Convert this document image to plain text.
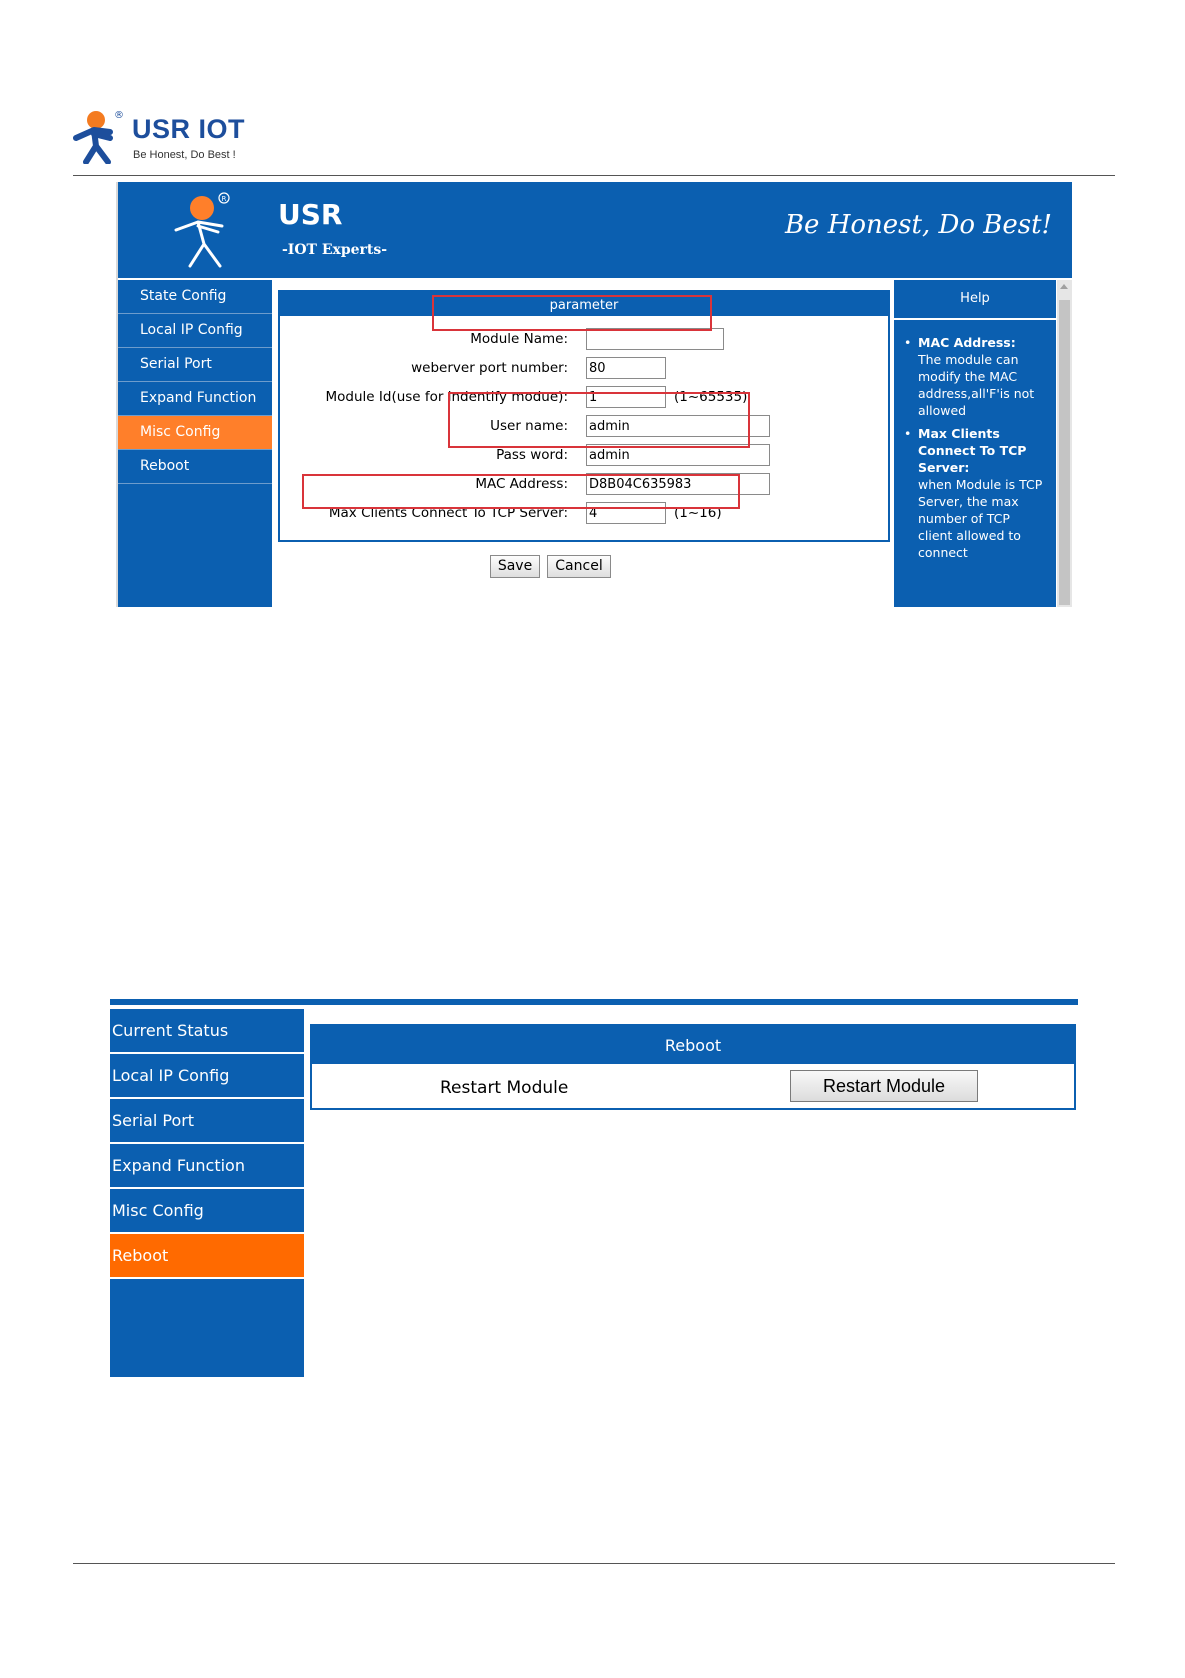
® USR IOT
Be Honest, Do Best !
R USR
-IOT Experts-
Be Honest, Do Best!
State Config
Local IP Config
Serial Port
Expand Function
Misc Config
Reboot
parameter
Module Name:
weberver port number: 80
Module Id(use for indentify modue): 1	(1~65535)
User name: admin
Pass word: admin
MAC Address: D8B04C635983
Max Clients Connect To TCP Server: 4	(1~16)
Save	Cancel
Help
• MAC Address:
The module can modify the MAC address,all'F'is not allowed
• Max Clients Connect To TCP Server:
when Module is TCP Server, the max number of TCP client allowed to connect
Current Status
Local IP Config
Serial Port
Expand Function
Misc Config
Reboot
Reboot
Restart Module	Restart Module
